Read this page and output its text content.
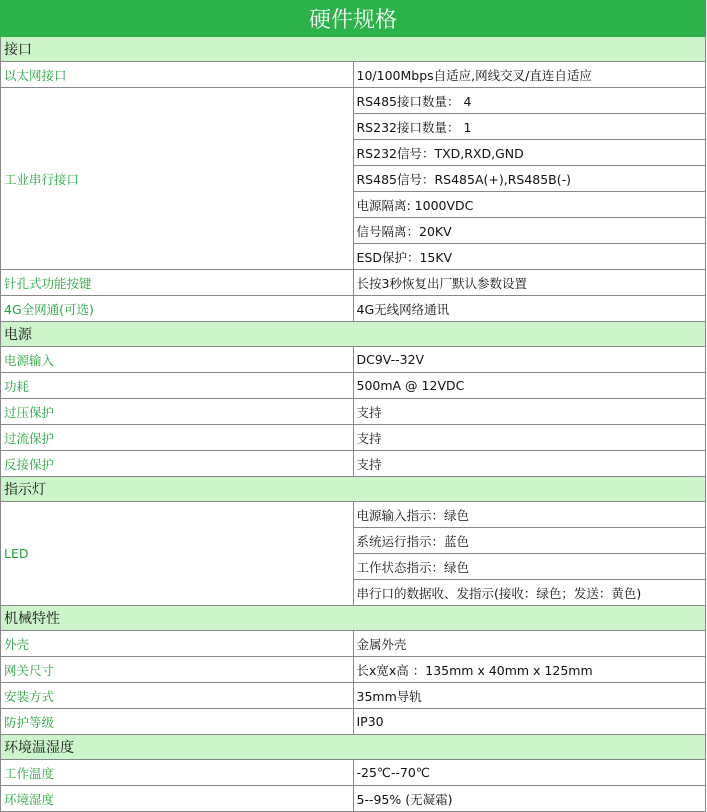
硬件规格	
接口	
以太网接口	10/100Mbps自适应,网线交叉/直连自适应
工业串行接口	RS485接口数量： 4
	RS232接口数量： 1
	RS232信号：TXD,RXD,GND
	RS485信号：RS485A(+),RS485B(-)
	电源隔离: 1000VDC
	信号隔离：20KV
	ESD保护：15KV
针孔式功能按键	长按3秒恢复出厂默认参数设置
4G全网通(可选)	4G无线网络通讯
电源	
电源输入	DC9V--32V
功耗	500mA @ 12VDC
过压保护	支持
过流保护	支持
反接保护	支持
指示灯	
LED	电源输入指示：绿色
	系统运行指示：蓝色
	工作状态指示：绿色
	串行口的数据收、发指示(接收：绿色；发送：黄色)
机械特性	
外壳	金属外壳
网关尺寸	长x宽x高 ：135mm x 40mm x 125mm
安装方式	35mm导轨
防护等级	IP30
环境温湿度	
工作温度	-25℃--70℃
环境湿度	5--95% (无凝霜)
